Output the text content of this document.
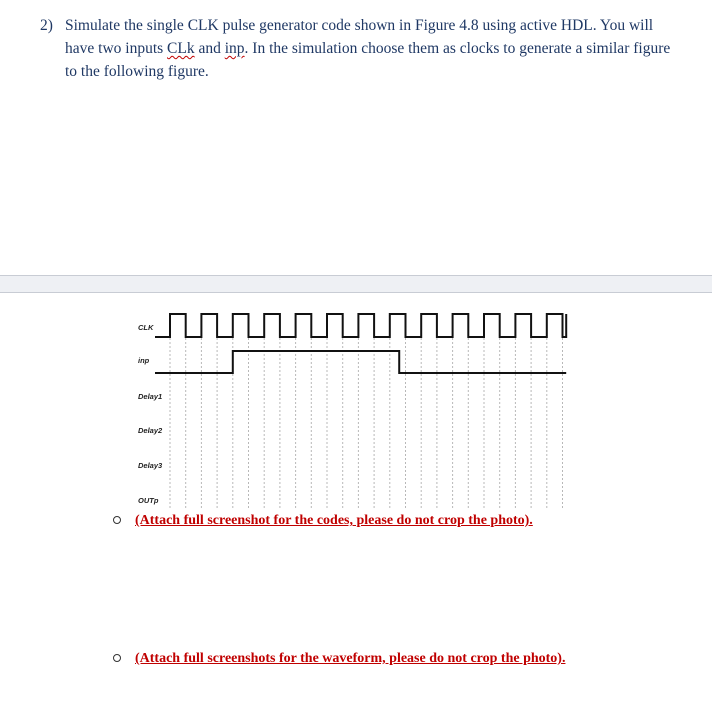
2) Simulate the single CLK pulse generator code shown in Figure 4.8 using active HDL. You will have two inputs CLk and inp. In the simulation choose them as clocks to generate a similar figure to the following figure.
CLK
inp
Delay1
Delay2
Delay3
OUTp
(Attach full screenshot for the codes, please do not crop the photo).
(Attach full screenshots for the waveform, please do not crop the photo).
